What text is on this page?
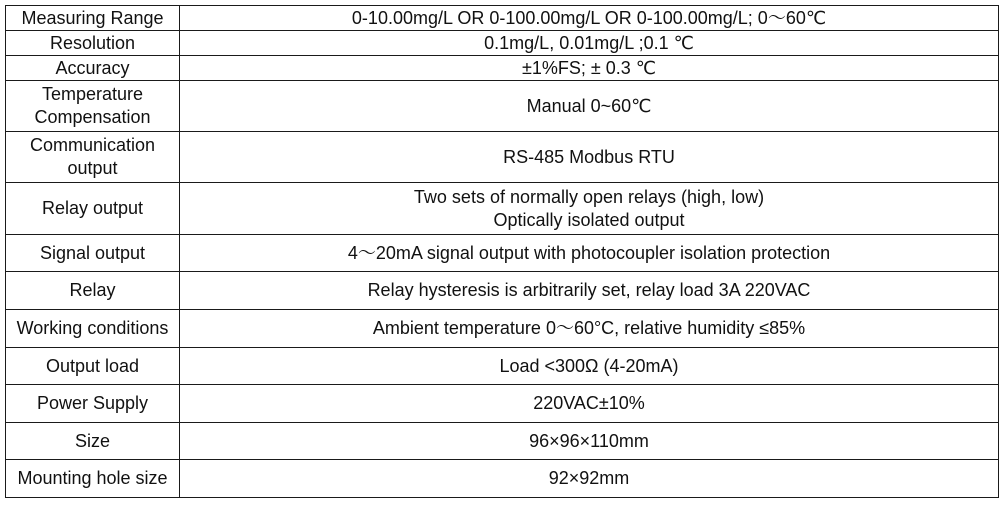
Measuring Range	0-10.00mg/L OR 0-100.00mg/L OR 0-100.00mg/L; 0～60℃

Resolution	0.1mg/L, 0.01mg/L ;0.1 ℃

Accuracy	±1%FS; ± 0.3 ℃

Temperature
Compensation	Manual 0~60℃

Communication
output	RS-485 Modbus RTU

Relay output	Two sets of normally open relays (high, low)
Optically isolated output

Signal output	4～20mA signal output with photocoupler isolation protection

Relay	Relay hysteresis is arbitrarily set, relay load 3A 220VAC

Working conditions	Ambient temperature 0～60°C, relative humidity ≤85%

Output load	Load <300Ω (4-20mA)

Power Supply	220VAC±10%

Size	96×96×110mm

Mounting hole size	92×92mm
